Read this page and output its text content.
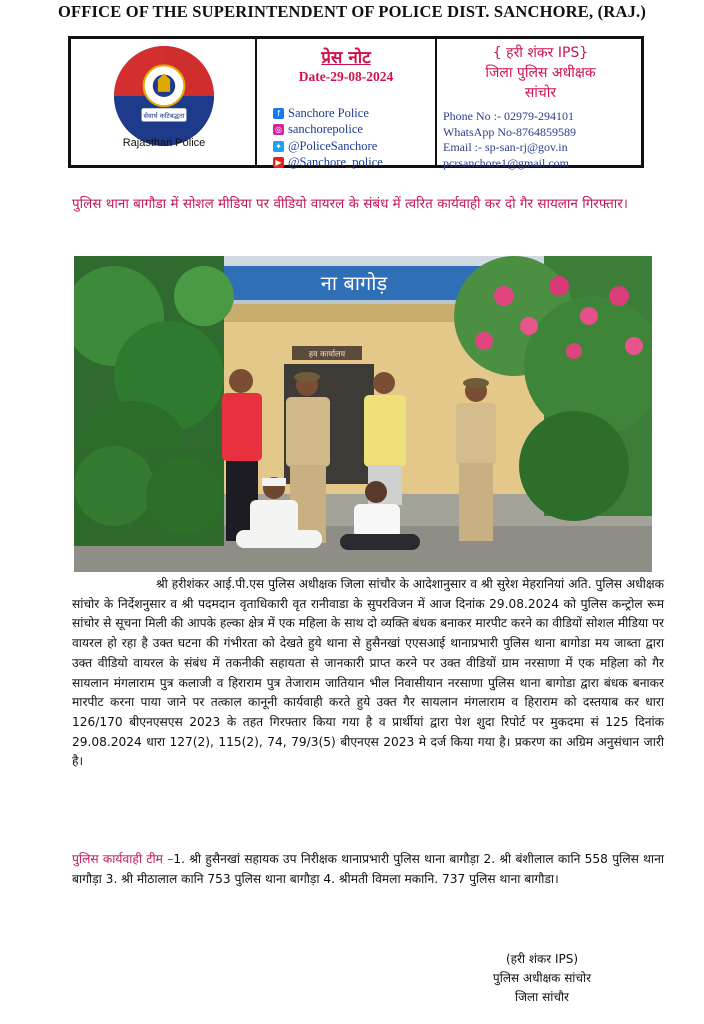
OFFICE OF THE SUPERINTENDENT OF POLICE DIST. SANCHORE, (RAJ.)
सेवार्थ कटिबद्धता
Rajasthan Police
प्रेस नोट
Date-29-08-2024
f Sanchore Police
◎ sanchorepolice
✦ @PoliceSanchore
▶ @Sanchore_police
{ हरी शंकर IPS}
जिला पुलिस अधीक्षक
सांचोर
Phone No :- 02979-294101
WhatsApp No-8764859589
Email :- sp-san-rj@gov.in
pcrsanchore1@gmail.com
पुलिस थाना बागौडा में सोशल मीडिया पर वीडियो वायरल के संबंध में त्वरित कार्यवाही कर दो गैर सायलान गिरफ्तार।
ना बागोड़
हव कार्यालय

श्री हरीशंकर आई.पी.एस पुलिस अधीक्षक जिला सांचौर के आदेशानुसार व श्री सुरेश मेहरानियां अति. पुलिस अधीक्षक सांचोर के निर्देशनुसार व श्री पदमदान वृताधिकारी वृत रानीवाडा के सुपरविजन में आज दिनांक 29.08.2024 को पुलिस कन्ट्रोल रूम सांचोर से सूचना मिली की आपके हल्का क्षेत्र में एक महिला के साथ दो व्यक्ति बंधक बनाकर मारपीट करने का वीडियों सोशल मीडिया पर वायरल हो रहा है उक्त घटना की गंभीरता को देखते हुये थाना से हुसैनखां एएसआई थानाप्रभारी पुलिस थाना बागोडा मय जाब्ता द्वारा उक्त वीडियो वायरल के संबंध में तकनीकी सहायता से जानकारी प्राप्त करने पर उक्त वीडियों ग्राम नरसाणा में एक महिला को गैर सायलान मंगलाराम पुत्र कलाजी व हिराराम पुत्र तेजाराम जातियान भील निवासीयान नरसाणा पुलिस थाना बागोडा द्वारा बंधक बनाकर मारपीट करना पाया जाने पर तत्काल कानूनी कार्यवाही करते हुये उक्त गैर सायलान मंगलाराम व हिराराम को दस्तयाब कर धारा 126/170 बीएनएसएस 2023 के तहत गिरफ्तार किया गया है व प्रार्थीयां द्वारा पेश शुदा रिपोर्ट पर मुकदमा सं 125 दिनांक 29.08.2024 धारा 127(2), 115(2), 74, 79/3(5) बीएनएस 2023 मे दर्ज किया गया है। प्रकरण का अग्रिम अनुसंधान जारी है।

पुलिस कार्यवाही टीम –1. श्री हुसैनखां सहायक उप निरीक्षक थानाप्रभारी पुलिस थाना बागौड़ा 2. श्री बंशीलाल कानि 558 पुलिस थाना बागौड़ा 3. श्री मीठालाल कानि 753 पुलिस थाना बागौड़ा 4. श्रीमती विमला मकानि. 737 पुलिस थाना बागौडा।
(हरी शंकर IPS)
पुलिस अधीक्षक सांचोर
जिला सांचौर
